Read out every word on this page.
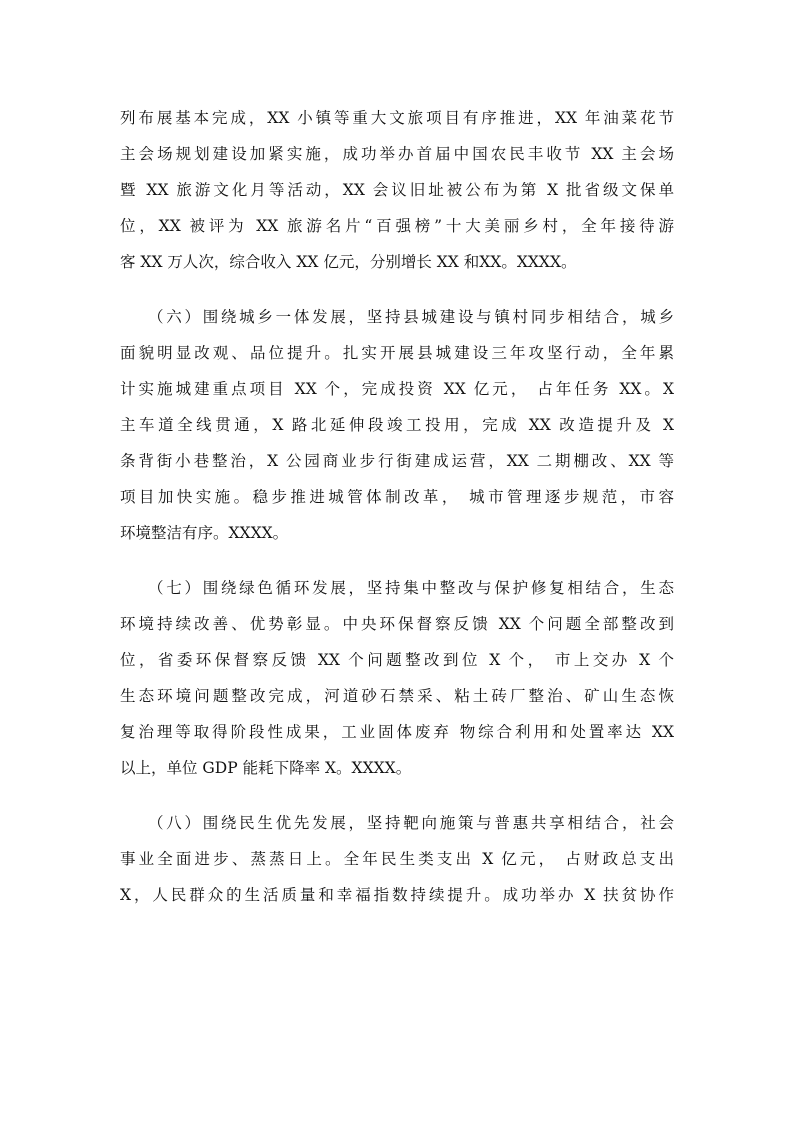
列布展基本完成，XX 小镇等重大文旅项目有序推进，XX 年油菜花节
主会场规划建设加紧实施，成功举办首届中国农民丰收节 XX 主会场
暨 XX 旅游文化月等活动，XX 会议旧址被公布为第 X 批省级文保单
位，XX 被评为 XX 旅游名片“百强榜”十大美丽乡村，全年接待游
客 XX 万人次，综合收入 XX 亿元，分别增长 XX 和XX。XXXX。
（六）围绕城乡一体发展，坚持县城建设与镇村同步相结合，城乡
面貌明显改观、品位提升。扎实开展县城建设三年攻坚行动，全年累
计实施城建重点项目 XX 个，完成投资 XX 亿元， 占年任务 XX。X
主车道全线贯通，X 路北延伸段竣工投用，完成 XX 改造提升及 X
条背街小巷整治，X 公园商业步行街建成运营，XX 二期棚改、XX 等
项目加快实施。稳步推进城管体制改革， 城市管理逐步规范，市容
环境整洁有序。XXXX。
（七）围绕绿色循环发展，坚持集中整改与保护修复相结合，生态
环境持续改善、优势彰显。中央环保督察反馈 XX 个问题全部整改到
位，省委环保督察反馈 XX 个问题整改到位 X 个， 市上交办 X 个
生态环境问题整改完成，河道砂石禁采、粘土砖厂整治、矿山生态恢
复治理等取得阶段性成果，工业固体废弃 物综合利用和处置率达 XX
以上，单位 GDP 能耗下降率 X。XXXX。
（八）围绕民生优先发展，坚持靶向施策与普惠共享相结合，社会
事业全面进步、蒸蒸日上。全年民生类支出 X 亿元， 占财政总支出
X，人民群众的生活质量和幸福指数持续提升。成功举办 X 扶贫协作
